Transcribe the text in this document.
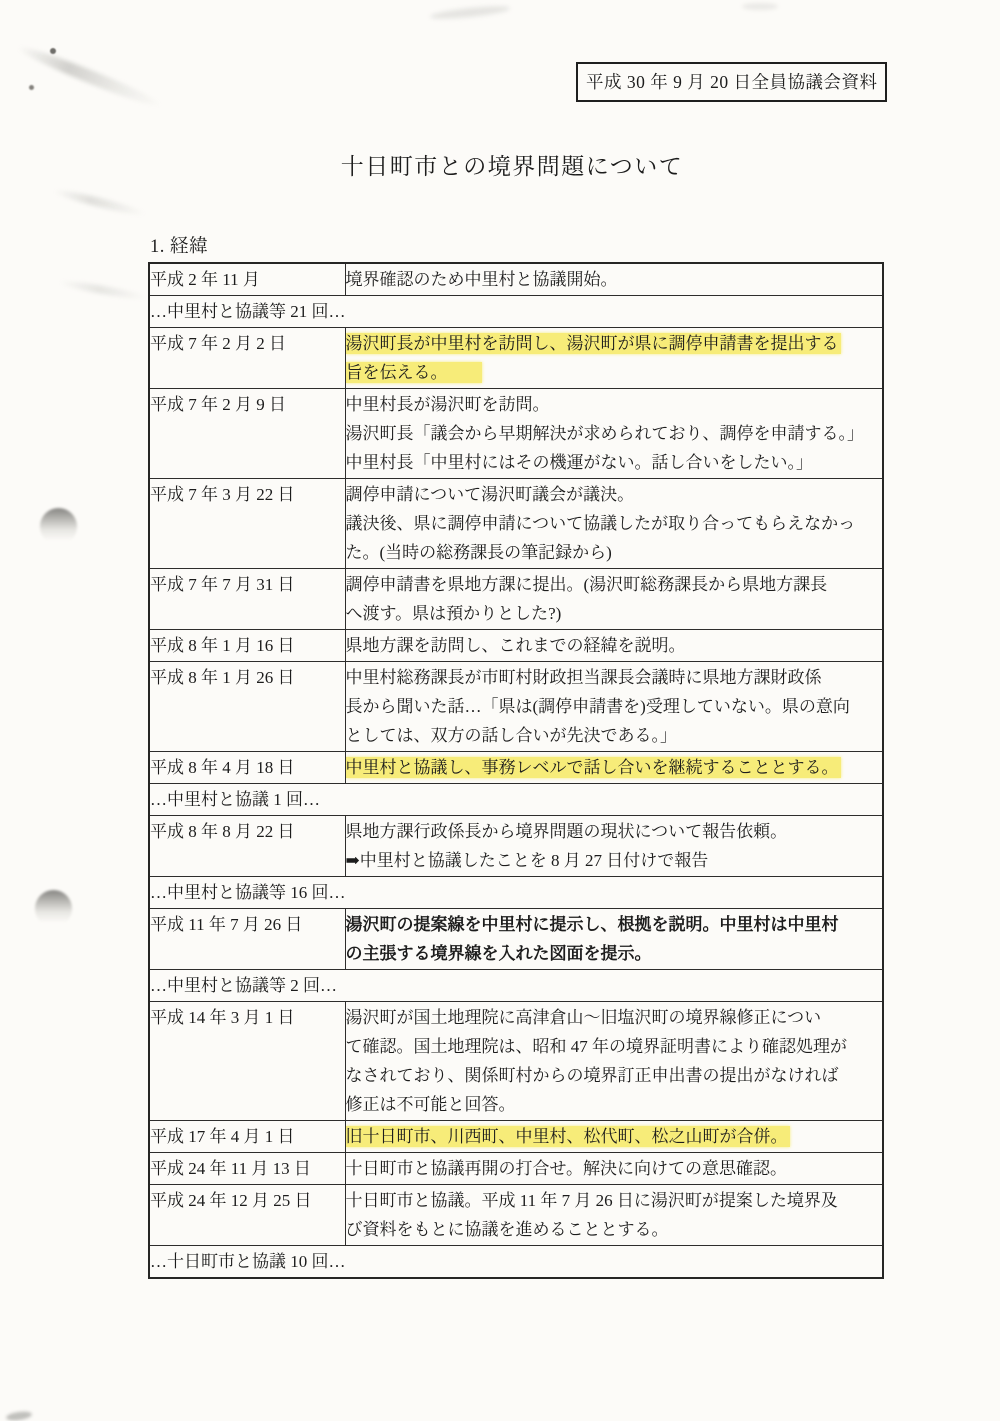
平成 30 年 9 月 20 日全員協議会資料
十日町市との境界問題について
1. 経緯
平成 2 年 11 月	境界確認のため中里村と協議開始。

…中里村と協議等 21 回…	
平成 7 年 2 月 2 日	湯沢町長が中里村を訪問し、湯沢町が県に調停申請書を提出する
旨を伝える。

平成 7 年 2 月 9 日	中里村長が湯沢町を訪問。
湯沢町長「議会から早期解決が求められており、調停を申請する。」
中里村長「中里村にはその機運がない。話し合いをしたい。」

平成 7 年 3 月 22 日	調停申請について湯沢町議会が議決。
議決後、県に調停申請について協議したが取り合ってもらえなかっ
た。(当時の総務課長の筆記録から)

平成 7 年 7 月 31 日	調停申請書を県地方課に提出。(湯沢町総務課長から県地方課長
へ渡す。県は預かりとした?)

平成 8 年 1 月 16 日	県地方課を訪問し、これまでの経緯を説明。

平成 8 年 1 月 26 日	中里村総務課長が市町村財政担当課長会議時に県地方課財政係
長から聞いた話…「県は(調停申請書を)受理していない。県の意向
としては、双方の話し合いが先決である。」

平成 8 年 4 月 18 日	中里村と協議し、事務レベルで話し合いを継続することとする。

…中里村と協議 1 回…	
平成 8 年 8 月 22 日	県地方課行政係長から境界問題の現状について報告依頼。
➡中里村と協議したことを 8 月 27 日付けで報告

…中里村と協議等 16 回…	
平成 11 年 7 月 26 日	湯沢町の提案線を中里村に提示し、根拠を説明。中里村は中里村
の主張する境界線を入れた図面を提示。

…中里村と協議等 2 回…	
平成 14 年 3 月 1 日	湯沢町が国土地理院に高津倉山～旧塩沢町の境界線修正につい
て確認。国土地理院は、昭和 47 年の境界証明書により確認処理が
なされており、関係町村からの境界訂正申出書の提出がなければ
修正は不可能と回答。

平成 17 年 4 月 1 日	旧十日町市、川西町、中里村、松代町、松之山町が合併。

平成 24 年 11 月 13 日	十日町市と協議再開の打合せ。解決に向けての意思確認。

平成 24 年 12 月 25 日	十日町市と協議。平成 11 年 7 月 26 日に湯沢町が提案した境界及
び資料をもとに協議を進めることとする。

…十日町市と協議 10 回…	
